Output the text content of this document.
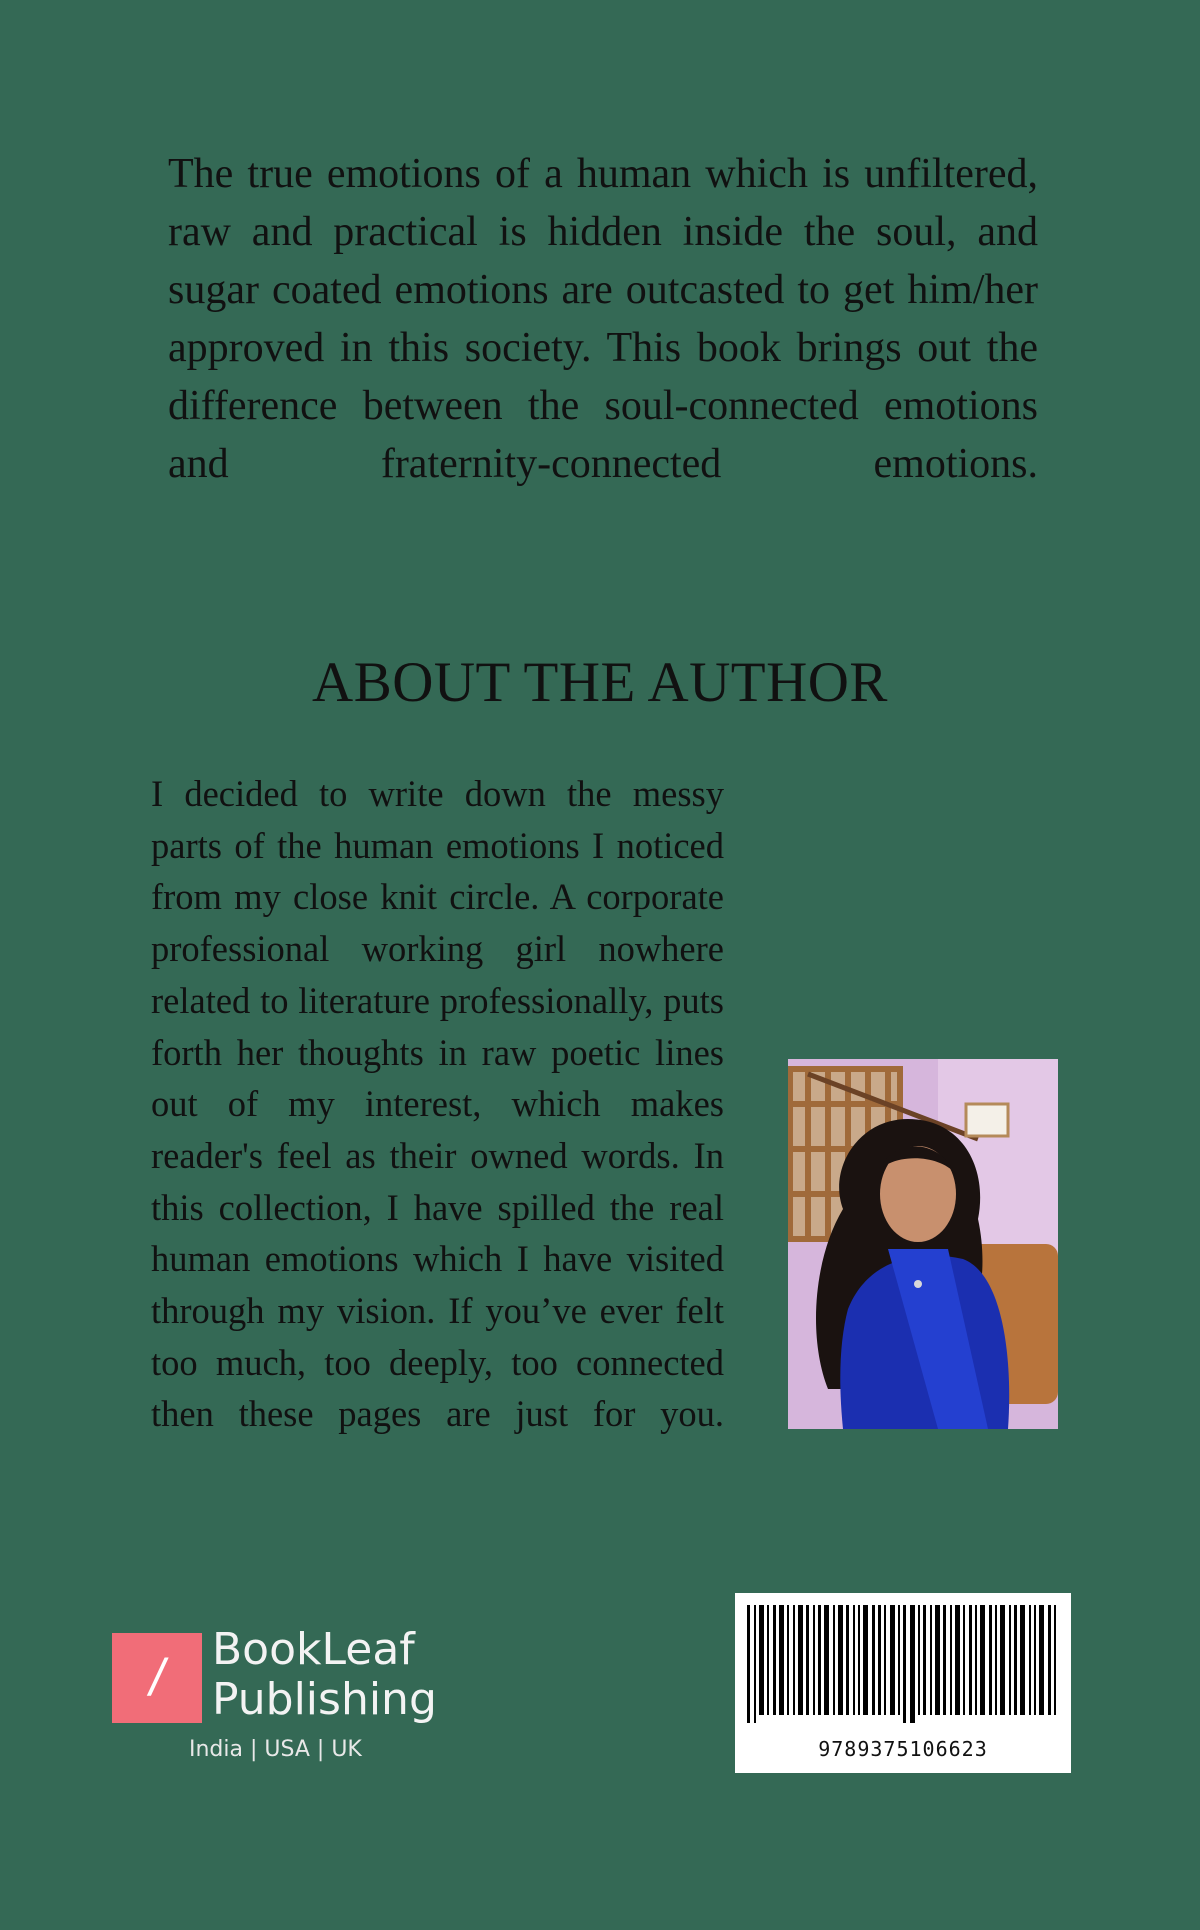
The true emotions of a human which is unfiltered, raw and practical is hidden inside the soul, and sugar coated emotions are outcasted to get him/her approved in this society. This book brings out the difference between the soul-connected emotions and fraternity-connected emotions.
ABOUT THE AUTHOR
I decided to write down the messy parts of the human emotions I noticed from my close knit circle. A corporate professional working girl nowhere related to literature professionally, puts forth her thoughts in raw poetic lines out of my interest, which makes reader's feel as their owned words. In this collection, I have spilled the real human emotions which I have visited through my vision. If you’ve ever felt too much, too deeply, too connected then these pages are just for you.
/	BookLeaf
Publishing
India | USA | UK	9789375106623
